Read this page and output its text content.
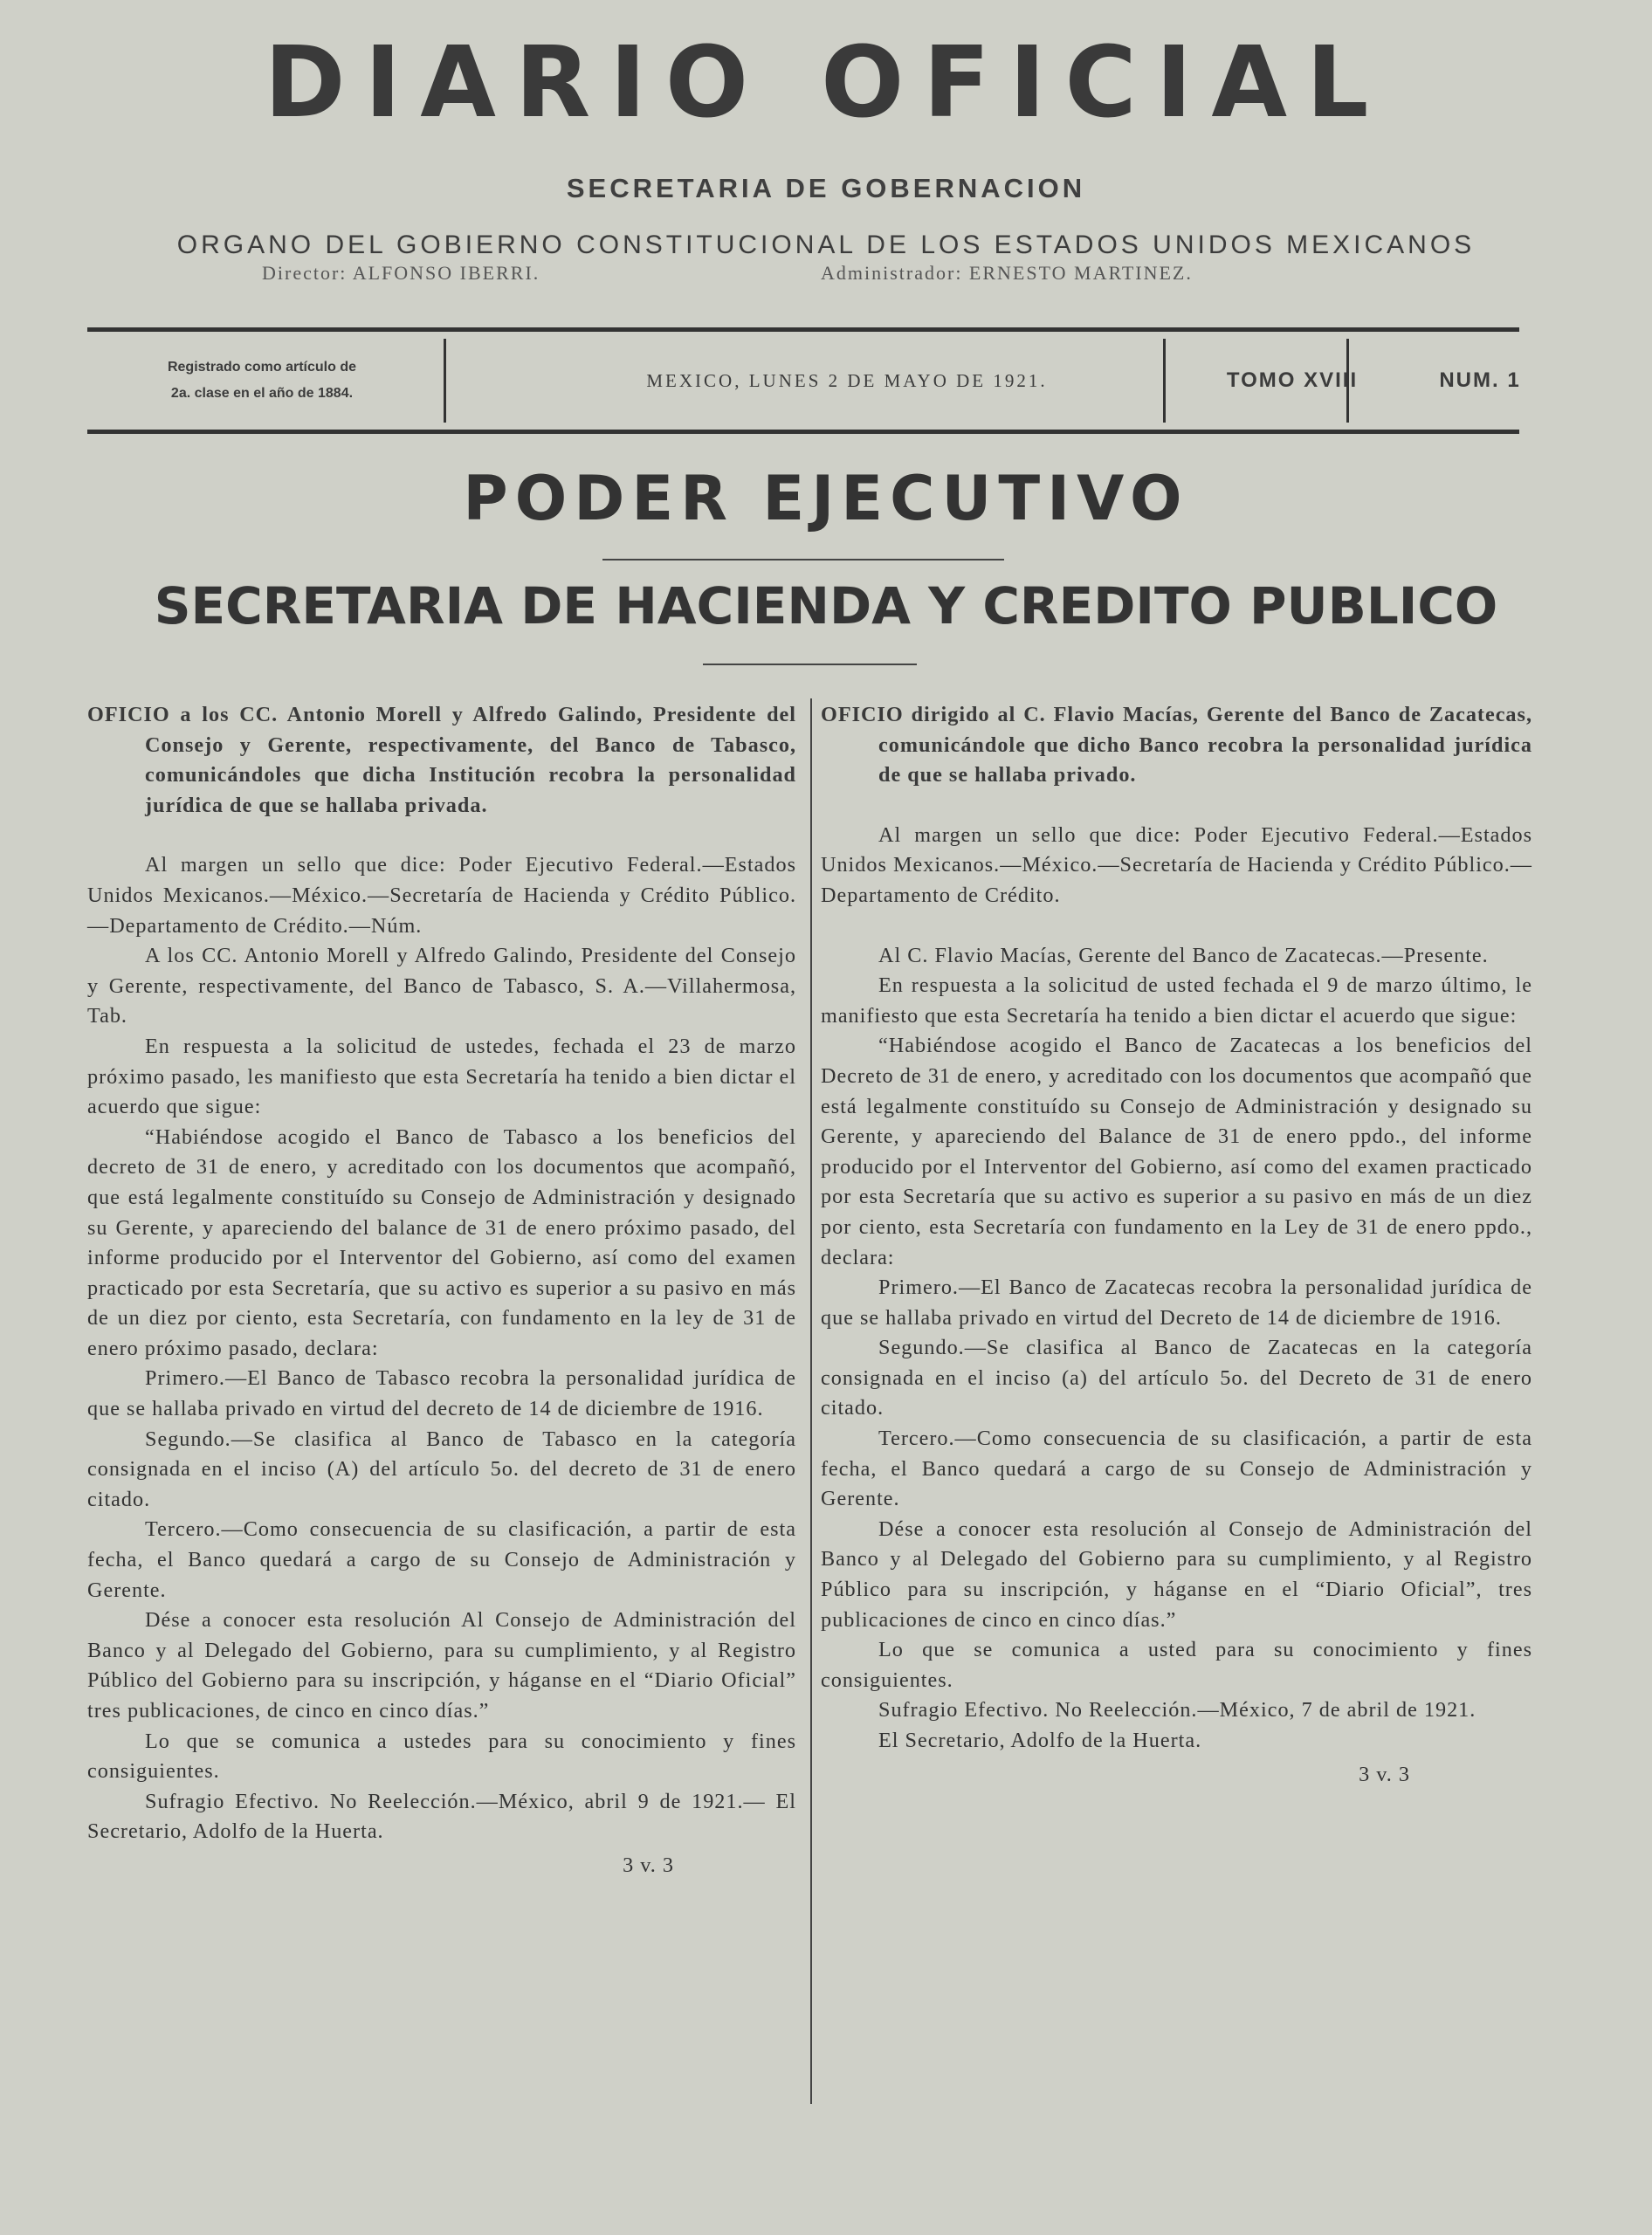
DIARIO OFICIAL
SECRETARIA DE GOBERNACION
ORGANO DEL GOBIERNO CONSTITUCIONAL DE LOS ESTADOS UNIDOS MEXICANOS
Director: ALFONSO IBERRI.	Administrador: ERNESTO MARTINEZ.
Registrado como artículo de
2a. clase en el año de 1884.
MEXICO, LUNES 2 DE MAYO DE 1921.	TOMO XVIII	NUM. 1
PODER EJECUTIVO
SECRETARIA DE HACIENDA Y CREDITO PUBLICO

OFICIO a los CC. Antonio Morell y Alfredo Galindo, Presidente del Consejo y Gerente, respectivamente, del Banco de Tabasco, comunicándoles que dicha Institución recobra la personalidad jurídica de que se hallaba privada.

Al margen un sello que dice: Poder Ejecutivo Federal.—Estados Unidos Mexicanos.—México.—Secretaría de Hacienda y Crédito Público.—Departamento de Crédito.—Núm.

A los CC. Antonio Morell y Alfredo Galindo, Presidente del Consejo y Gerente, respectivamente, del Banco de Tabasco, S. A.—Villahermosa, Tab.

En respuesta a la solicitud de ustedes, fechada el 23 de marzo próximo pasado, les manifiesto que esta Secretaría ha tenido a bien dictar el acuerdo que sigue:

“Habiéndose acogido el Banco de Tabasco a los beneficios del decreto de 31 de enero, y acreditado con los documentos que acompañó, que está legalmente constituído su Consejo de Administración y designado su Gerente, y apareciendo del balance de 31 de enero próximo pasado, del informe producido por el Interventor del Gobierno, así como del examen practicado por esta Secretaría, que su activo es superior a su pasivo en más de un diez por ciento, esta Secretaría, con fundamento en la ley de 31 de enero próximo pasado, declara:

Primero.—El Banco de Tabasco recobra la personalidad jurídica de que se hallaba privado en virtud del decreto de 14 de diciembre de 1916.

Segundo.—Se clasifica al Banco de Tabasco en la categoría consignada en el inciso (A) del artículo 5o. del decreto de 31 de enero citado.

Tercero.—Como consecuencia de su clasificación, a partir de esta fecha, el Banco quedará a cargo de su Consejo de Administración y Gerente.

Dése a conocer esta resolución Al Consejo de Administración del Banco y al Delegado del Gobierno, para su cumplimiento, y al Registro Público del Gobierno para su inscripción, y háganse en el “Diario Oficial” tres publicaciones, de cinco en cinco días.”

Lo que se comunica a ustedes para su conocimiento y fines consiguientes.

Sufragio Efectivo. No Reelección.—México, abril 9 de 1921.— El Secretario, Adolfo de la Huerta.

3 v. 3

OFICIO dirigido al C. Flavio Macías, Gerente del Banco de Zacatecas, comunicándole que dicho Banco recobra la personalidad jurídica de que se hallaba privado.

Al margen un sello que dice: Poder Ejecutivo Federal.—Estados Unidos Mexicanos.—México.—Secretaría de Hacienda y Crédito Público.—Departamento de Crédito.

Al C. Flavio Macías, Gerente del Banco de Zacatecas.—Presente.

En respuesta a la solicitud de usted fechada el 9 de marzo último, le manifiesto que esta Secretaría ha tenido a bien dictar el acuerdo que sigue:

“Habiéndose acogido el Banco de Zacatecas a los beneficios del Decreto de 31 de enero, y acreditado con los documentos que acompañó que está legalmente constituído su Consejo de Administración y designado su Gerente, y apareciendo del Balance de 31 de enero ppdo., del informe producido por el Interventor del Gobierno, así como del examen practicado por esta Secretaría que su activo es superior a su pasivo en más de un diez por ciento, esta Secretaría con fundamento en la Ley de 31 de enero ppdo., declara:

Primero.—El Banco de Zacatecas recobra la personalidad jurídica de que se hallaba privado en virtud del Decreto de 14 de diciembre de 1916.

Segundo.—Se clasifica al Banco de Zacatecas en la categoría consignada en el inciso (a) del artículo 5o. del Decreto de 31 de enero citado.

Tercero.—Como consecuencia de su clasificación, a partir de esta fecha, el Banco quedará a cargo de su Consejo de Administración y Gerente.

Dése a conocer esta resolución al Consejo de Administración del Banco y al Delegado del Gobierno para su cumplimiento, y al Registro Público para su inscripción, y háganse en el “Diario Oficial”, tres publicaciones de cinco en cinco días.”

Lo que se comunica a usted para su conocimiento y fines consiguientes.

Sufragio Efectivo. No Reelección.—México, 7 de abril de 1921.

El Secretario, Adolfo de la Huerta.

3 v. 3
